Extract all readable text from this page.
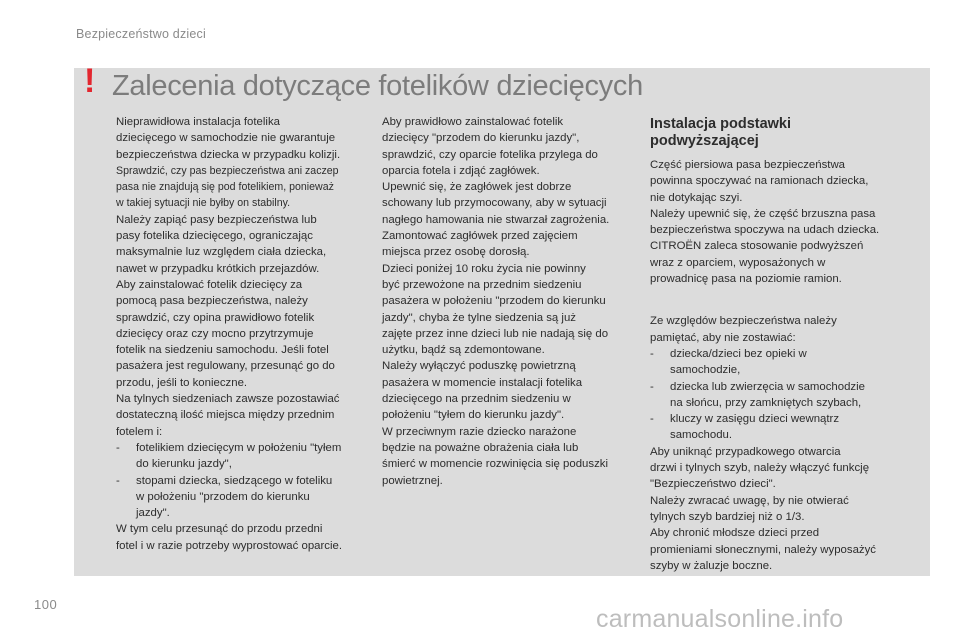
Bezpieczeństwo dzieci
! Zalecenia dotyczące fotelików dziecięcych

Nieprawidłowa instalacja fotelika
dziecięcego w samochodzie nie gwarantuje
bezpieczeństwa dziecka w przypadku kolizji.

Sprawdzić, czy pas bezpieczeństwa ani zaczep
pasa nie znajdują się pod fotelikiem, ponieważ
w takiej sytuacji nie byłby on stabilny.

Należy zapiąć pasy bezpieczeństwa lub
pasy fotelika dziecięcego, ograniczając
maksymalnie luz względem ciała dziecka,
nawet w przypadku krótkich przejazdów.

Aby zainstalować fotelik dziecięcy za
pomocą pasa bezpieczeństwa, należy
sprawdzić, czy opina prawidłowo fotelik
dziecięcy oraz czy mocno przytrzymuje
fotelik na siedzeniu samochodu. Jeśli fotel
pasażera jest regulowany, przesunąć go do
przodu, jeśli to konieczne.

Na tylnych siedzeniach zawsze pozostawiać
dostateczną ilość miejsca między przednim
fotelem i:

- fotelikiem dziecięcym w położeniu "tyłem
do kierunku jazdy",

- stopami dziecka, siedzącego w foteliku
w położeniu "przodem do kierunku
jazdy".

W tym celu przesunąć do przodu przedni
fotel i w razie potrzeby wyprostować oparcie.

Aby prawidłowo zainstalować fotelik
dziecięcy "przodem do kierunku jazdy",
sprawdzić, czy oparcie fotelika przylega do
oparcia fotela i zdjąć zagłówek.

Upewnić się, że zagłówek jest dobrze
schowany lub przymocowany, aby w sytuacji
nagłego hamowania nie stwarzał zagrożenia.
Zamontować zagłówek przed zajęciem
miejsca przez osobę dorosłą.

Dzieci poniżej 10 roku życia nie powinny
być przewożone na przednim siedzeniu
pasażera w położeniu "przodem do kierunku
jazdy", chyba że tylne siedzenia są już
zajęte przez inne dzieci lub nie nadają się do
użytku, bądź są zdemontowane.

Należy wyłączyć poduszkę powietrzną
pasażera w momencie instalacji fotelika
dziecięcego na przednim siedzeniu w
położeniu "tyłem do kierunku jazdy".

W przeciwnym razie dziecko narażone
będzie na poważne obrażenia ciała lub
śmierć w momencie rozwinięcia się poduszki
powietrznej.

Instalacja podstawki
podwyższającej

Część piersiowa pasa bezpieczeństwa
powinna spoczywać na ramionach dziecka,
nie dotykając szyi.

Należy upewnić się, że część brzuszna pasa
bezpieczeństwa spoczywa na udach dziecka.

CITROËN zaleca stosowanie podwyższeń
wraz z oparciem, wyposażonych w
prowadnicę pasa na poziomie ramion.

Ze względów bezpieczeństwa należy
pamiętać, aby nie zostawiać:

- dziecka/dzieci bez opieki w
samochodzie,

- dziecka lub zwierzęcia w samochodzie
na słońcu, przy zamkniętych szybach,

- kluczy w zasięgu dzieci wewnątrz
samochodu.

Aby uniknąć przypadkowego otwarcia
drzwi i tylnych szyb, należy włączyć funkcję
"Bezpieczeństwo dzieci".

Należy zwracać uwagę, by nie otwierać
tylnych szyb bardziej niż o 1/3.

Aby chronić młodsze dzieci przed
promieniami słonecznymi, należy wyposażyć
szyby w żaluzje boczne.

100
carmanualsonline.info
